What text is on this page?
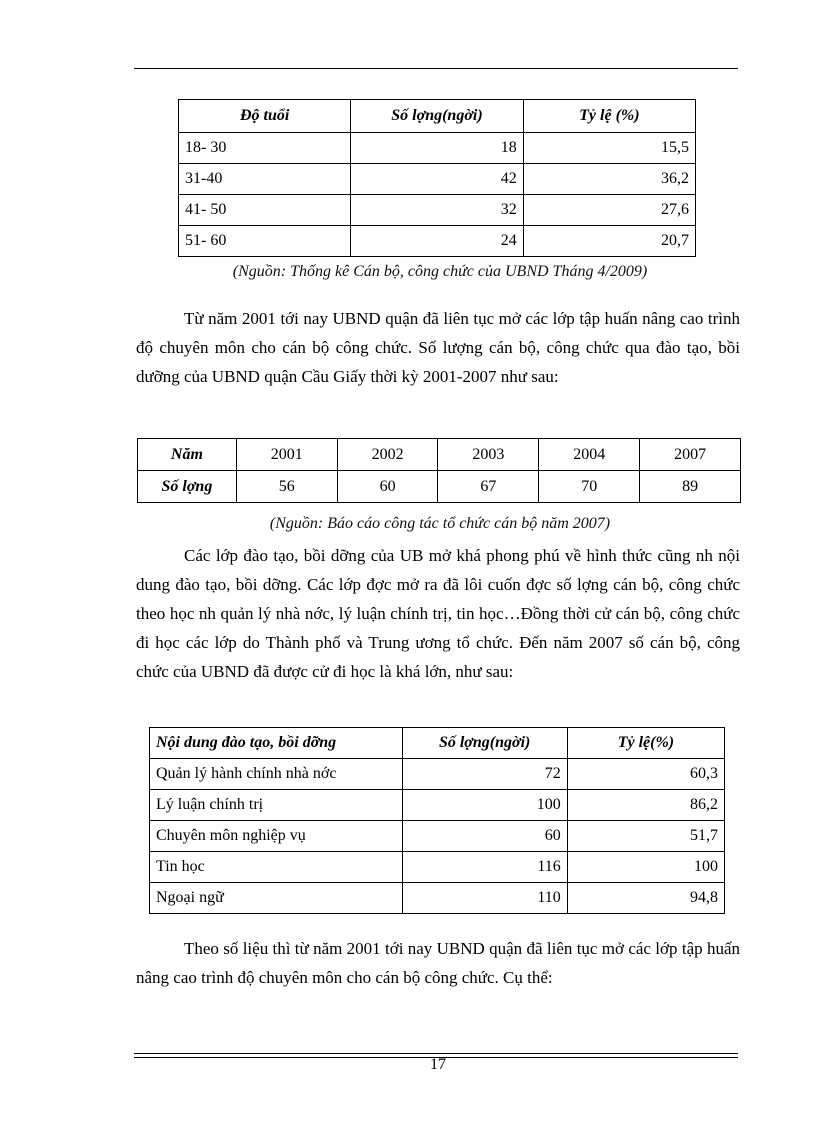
Độ tuổi	Số lợng(ngời)	Tỷ lệ (%)
18- 30	18	15,5
31-40	42	36,2
41- 50	32	27,6
51- 60	24	20,7
(Nguồn: Thống kê Cán bộ, công chức của UBND Tháng 4/2009)

Từ năm 2001 tới nay UBND quận đã liên tục mở các lớp tập huấn nâng cao trình độ chuyên môn cho cán bộ công chức. Số lượng cán bộ, công chức qua đào tạo, bồi dưỡng của UBND quận Cầu Giấy thời kỳ 2001-2007 như sau:

Năm	2001	2002	2003	2004	2007
Số lợng	56	60	67	70	89
(Nguồn: Báo cáo công tác tổ chức cán bộ năm 2007)

Các lớp đào tạo, bồi dỡng của UB mở khá phong phú về hình thức cũng nh nội dung đào tạo, bồi dỡng. Các lớp đợc mở ra đã lôi cuốn đợc số lợng cán bộ, công chức theo học nh quản lý nhà nớc, lý luận chính trị, tin học…Đồng thời cử cán bộ, công chức đi học các lớp do Thành phố và Trung ương tổ chức. Đến năm 2007 số cán bộ, công chức của UBND đã được cử đi học là khá lớn, như sau:

Nội dung đào tạo, bồi dỡng	Số lợng(ngời)	Tỷ lệ(%)
Quản lý hành chính nhà nớc	72	60,3
Lý luận chính trị	100	86,2
Chuyên môn nghiệp vụ	60	51,7
Tin học	116	100
Ngoại ngữ	110	94,8

Theo số liệu thì từ năm 2001 tới nay UBND quận đã liên tục mở các lớp tập huấn nâng cao trình độ chuyên môn cho cán bộ công chức. Cụ thể:

17
